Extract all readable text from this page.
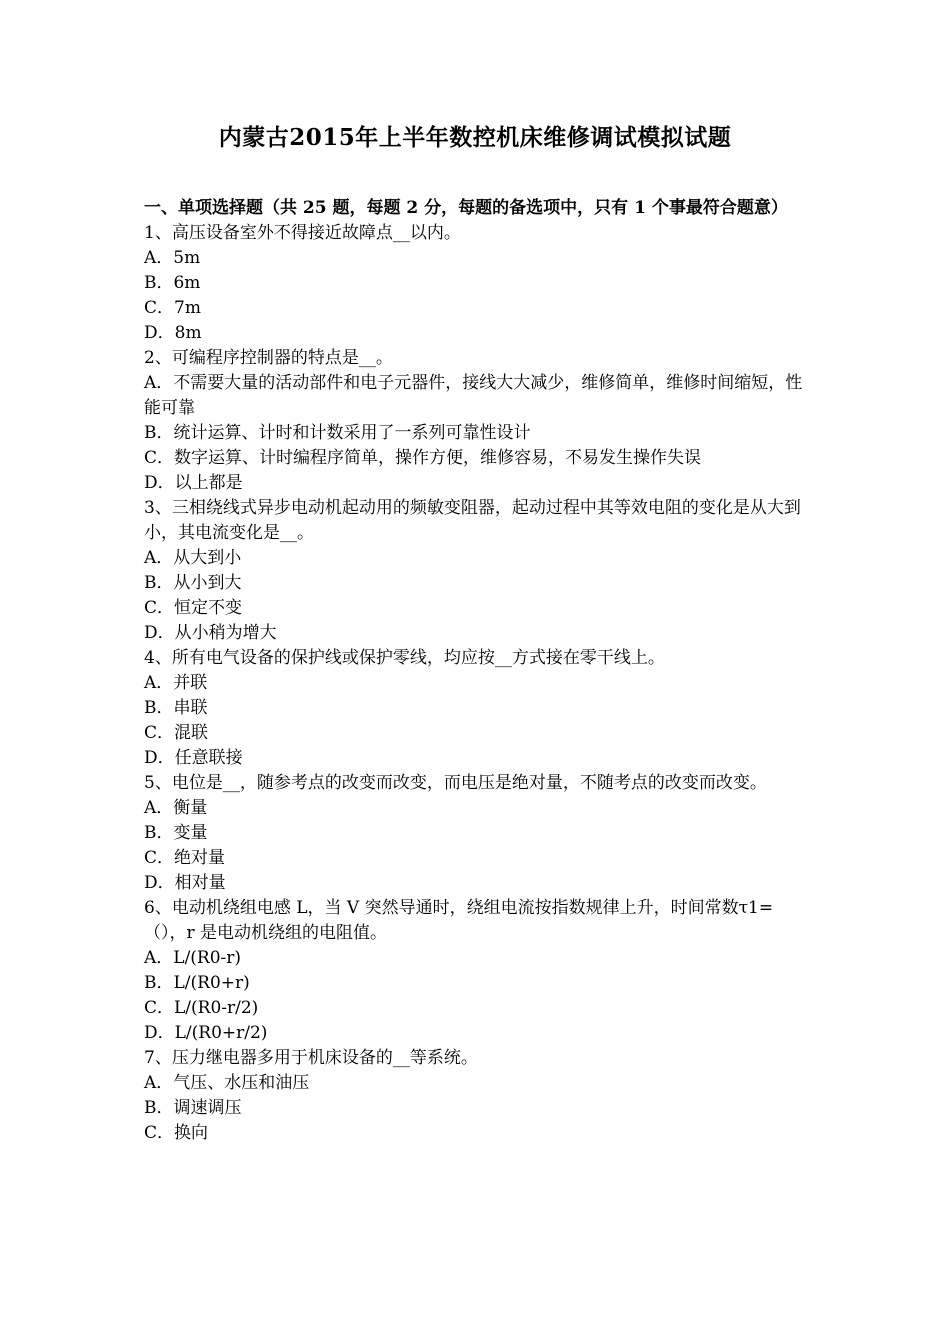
内蒙古2015年上半年数控机床维修调试模拟试题

一、单项选择题（共 25 题，每题 2 分，每题的备选项中，只有 1 个事最符合题意）

1、高压设备室外不得接近故障点__以内。

A．5m

B．6m

C．7m

D．8m

2、可编程序控制器的特点是__。

A．不需要大量的活动部件和电子元器件，接线大大减少，维修简单，维修时间缩短，性能可靠

B．统计运算、计时和计数采用了一系列可靠性设计

C．数字运算、计时编程序简单，操作方便，维修容易，不易发生操作失误

D．以上都是

3、三相绕线式异步电动机起动用的频敏变阻器，起动过程中其等效电阻的变化是从大到小，其电流变化是__。

A．从大到小

B．从小到大

C．恒定不变

D．从小稍为增大

4、所有电气设备的保护线或保护零线，均应按__方式接在零干线上。

A．并联

B．串联

C．混联

D．任意联接

5、电位是__，随参考点的改变而改变，而电压是绝对量，不随考点的改变而改变。

A．衡量

B．变量

C．绝对量

D．相对量

6、电动机绕组电感 L，当 V 突然导通时，绕组电流按指数规律上升，时间常数τ1=（），r 是电动机绕组的电阻值。

A．L/(R0-r)

B．L/(R0+r)

C．L/(R0-r/2)

D．L/(R0+r/2)

7、压力继电器多用于机床设备的__等系统。

A．气压、水压和油压

B．调速调压

C．换向
